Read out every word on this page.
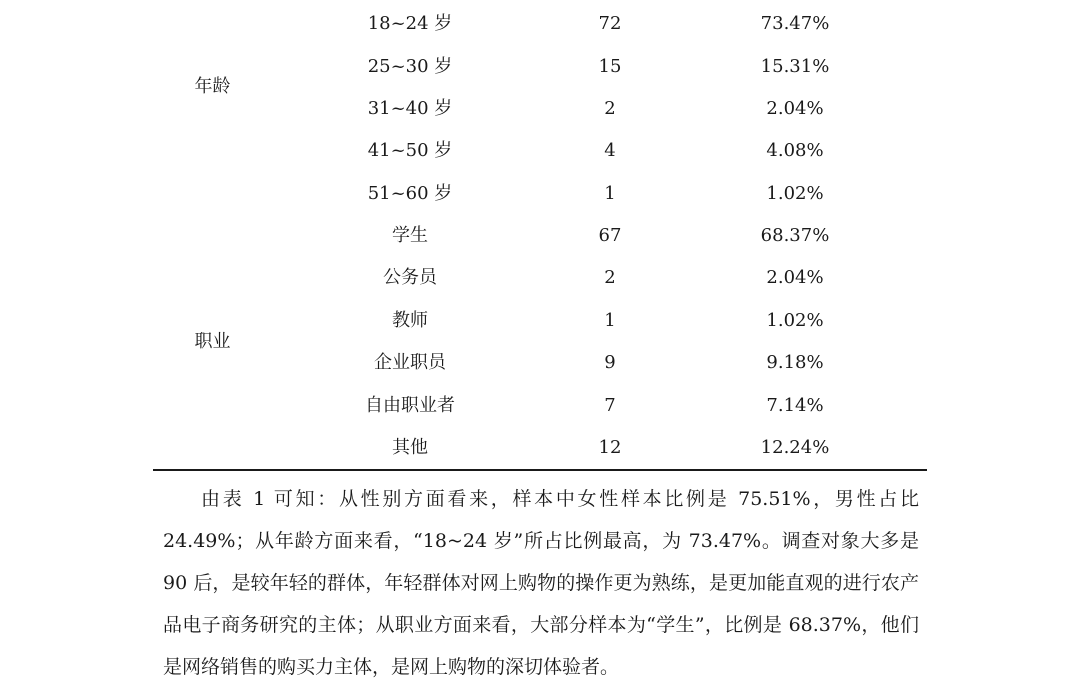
年龄
18~24 岁	72	73.47%
25~30 岁	15	15.31%
31~40 岁	2	2.04%
41~50 岁	4	4.08%
51~60 岁	1	1.02%
职业
学生	67	68.37%
公务员	2	2.04%
教师	1	1.02%
企业职员	9	9.18%
自由职业者	7	7.14%
其他	12	12.24%

由表 1 可知：从性别方面看来，样本中女性样本比例是 75.51%，男性占比 24.49%；从年龄方面来看，“18~24 岁”所占比例最高，为 73.47%。调查对象大多是 90 后，是较年轻的群体，年轻群体对网上购物的操作更为熟练，是更加能直观的进行农产品电子商务研究的主体；从职业方面来看，大部分样本为“学生”，比例是 68.37%，他们是网络销售的购买力主体，是网上购物的深切体验者。
